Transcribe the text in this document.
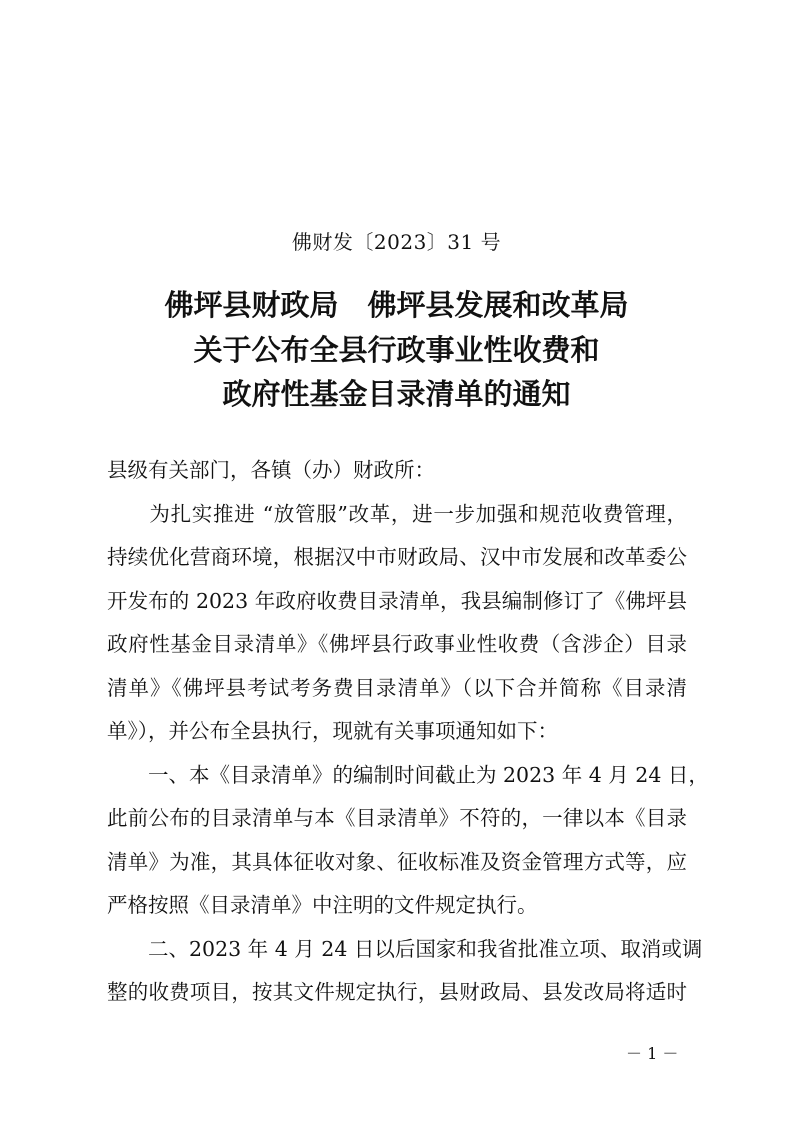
佛财发〔2023〕31 号
佛坪县财政局　佛坪县发展和改革局
关于公布全县行政事业性收费和
政府性基金目录清单的通知
县级有关部门，各镇（办）财政所：
　　为扎实推进 “放管服”改革，进一步加强和规范收费管理，
持续优化营商环境，根据汉中市财政局、汉中市发展和改革委公
开发布的 2023 年政府收费目录清单，我县编制修订了《佛坪县
政府性基金目录清单》《佛坪县行政事业性收费（含涉企）目录
清单》《佛坪县考试考务费目录清单》（以下合并简称《目录清
单》），并公布全县执行，现就有关事项通知如下：
　　一、本《目录清单》的编制时间截止为 2023 年 4 月 24 日，
此前公布的目录清单与本《目录清单》不符的，一律以本《目录
清单》为准，其具体征收对象、征收标准及资金管理方式等，应
严格按照《目录清单》中注明的文件规定执行。
　　二、2023 年 4 月 24 日以后国家和我省批准立项、取消或调
整的收费项目，按其文件规定执行，县财政局、县发改局将适时
－ 1 －
